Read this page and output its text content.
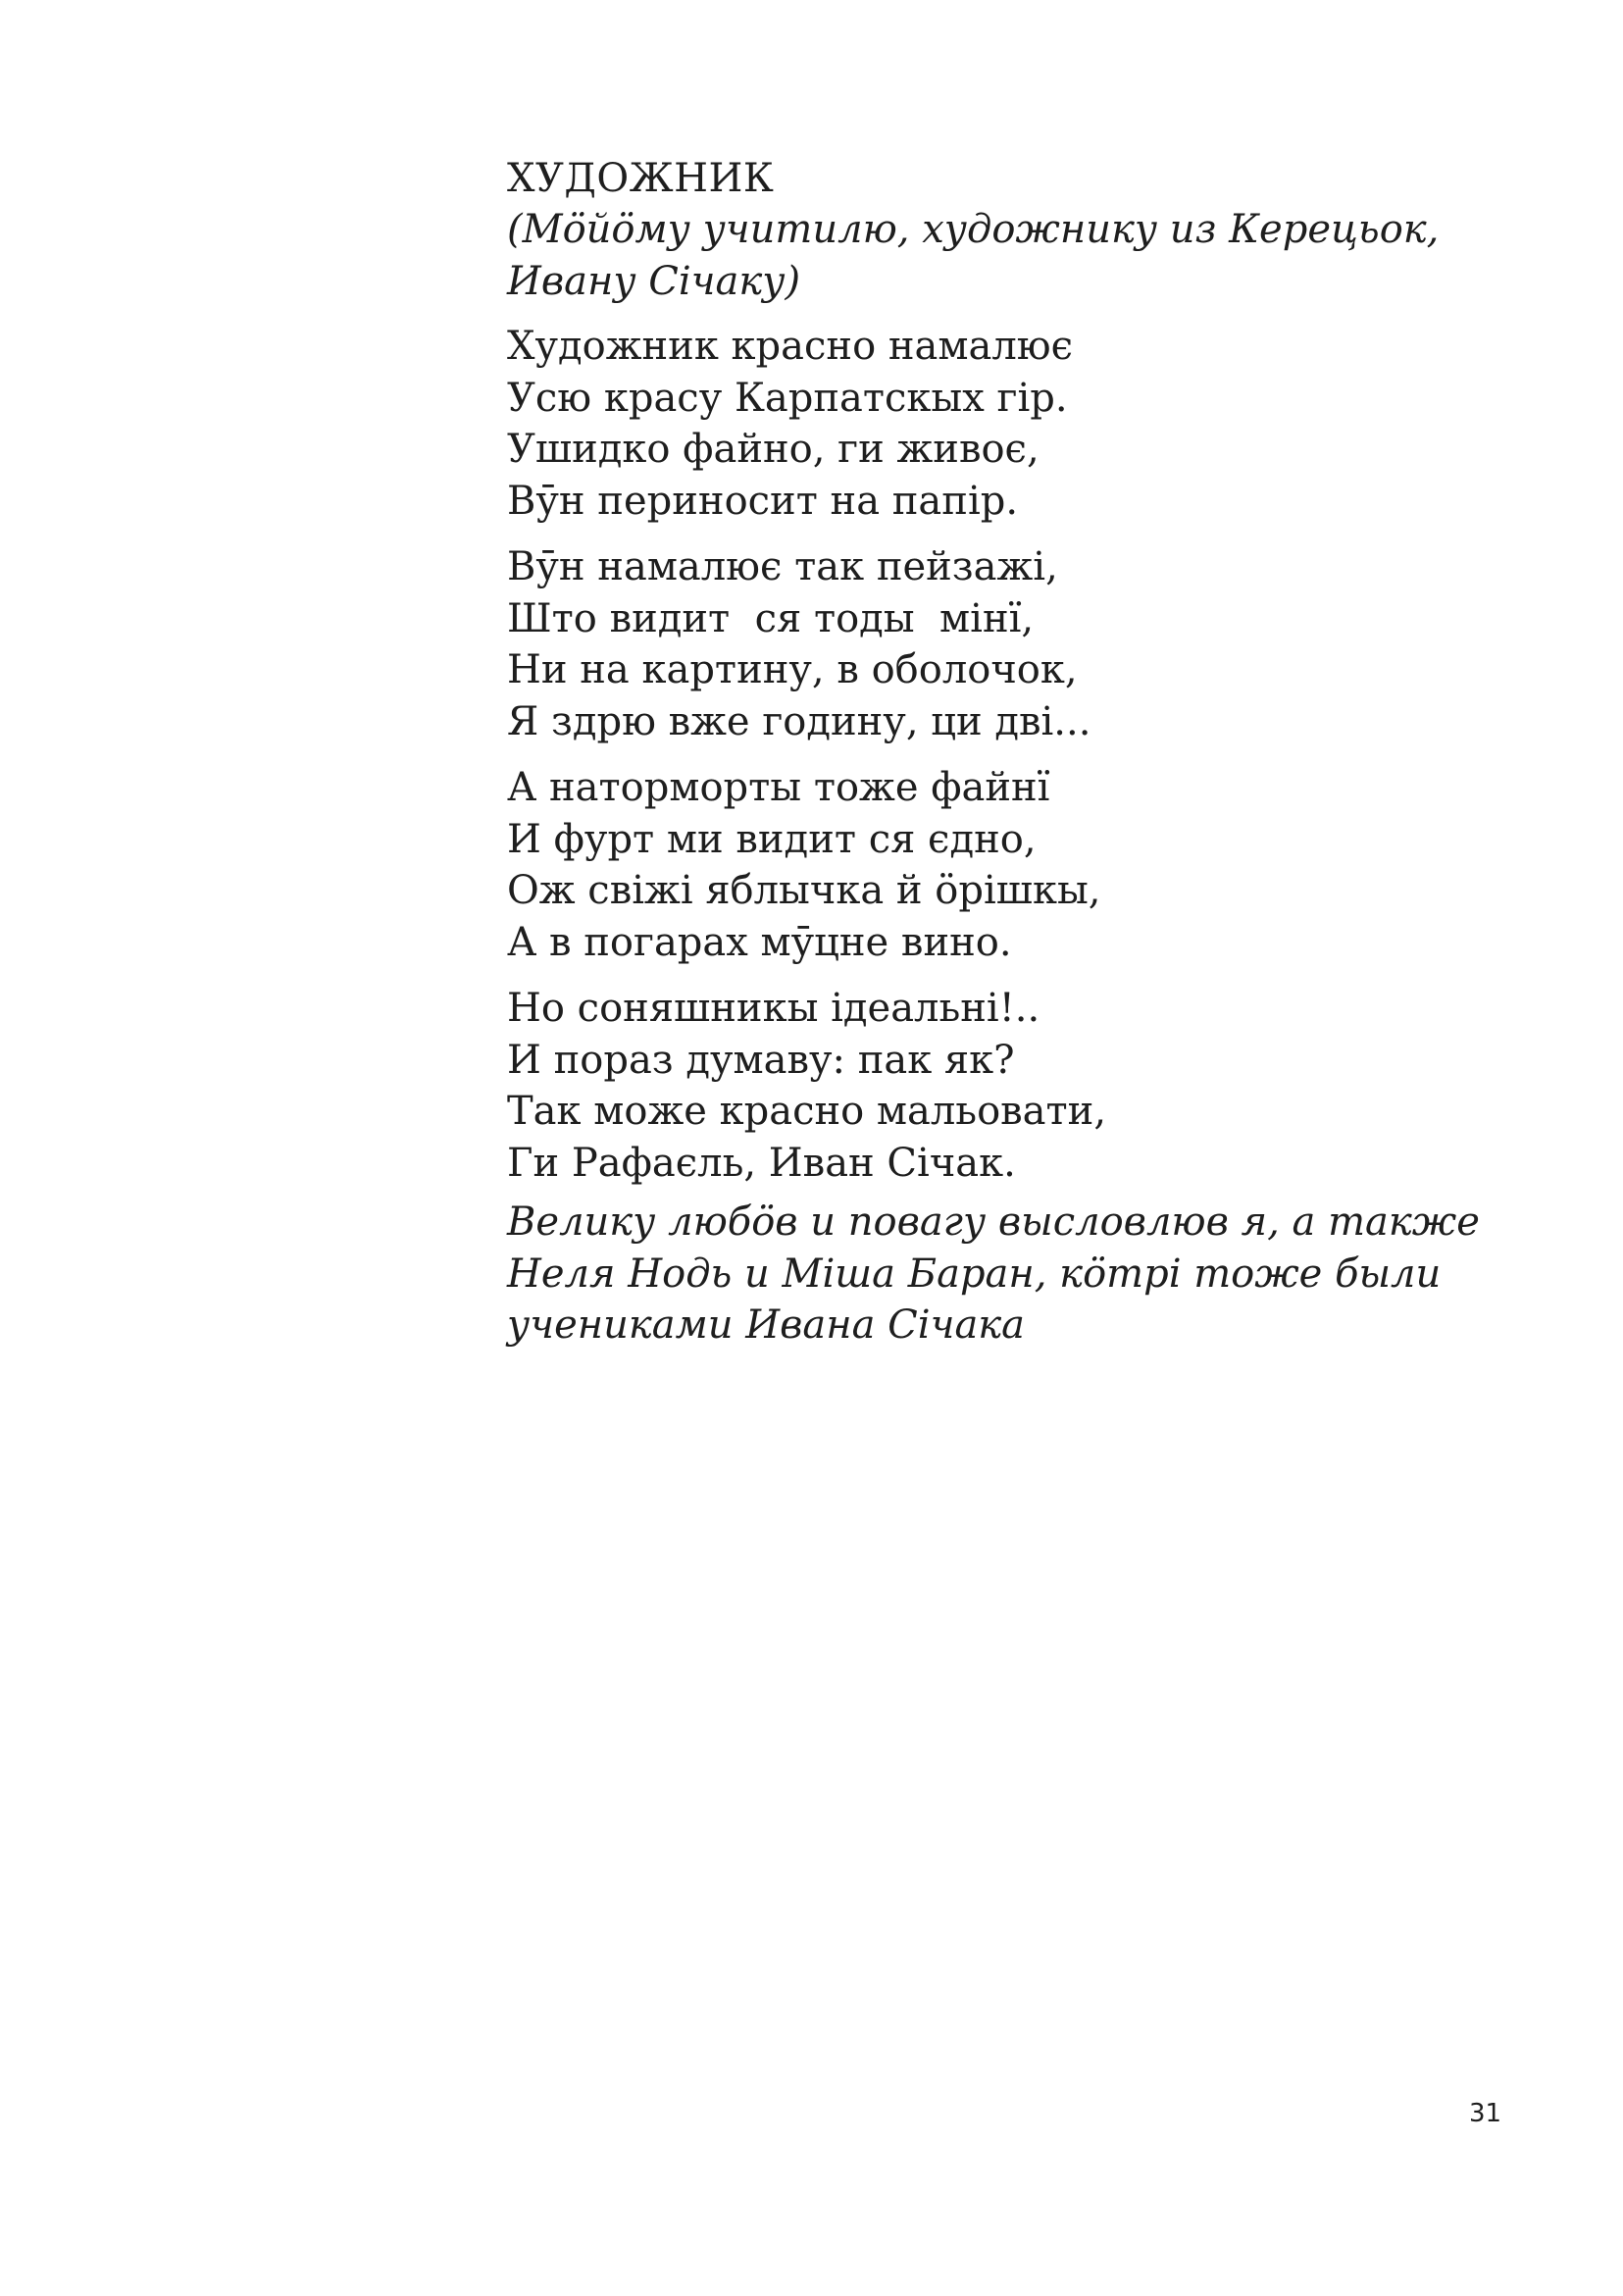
ХУДОЖНИК
(Мӧйӧму учитилю, художнику из Керецьок,
Ивану Січаку)
Художник красно намалює
Усю красу Карпатскых гір.
Ушидко файно, ги живоє,
Вӯн периносит на папір.
Вӯн намалює так пейзажі,
Што видит  ся тоды  мінї,
Ни на картину, в оболочок,
Я здрю вже годину, ци дві...
А наторморты тоже файнї
И фурт ми видит ся єдно,
Ож свіжі яблычка й ӧрішкы,
А в погарах мӯцне вино.
Но соняшникы ідеальні!..
И пораз думаву: пак як?
Так може красно мальовати,
Ги Рафаєль, Иван Січак.
Велику любӧв и повагу высловлюв я, а также
Неля Нодь и Міша Баран, кӧтрі тоже были
учениками Ивана Січака
31
